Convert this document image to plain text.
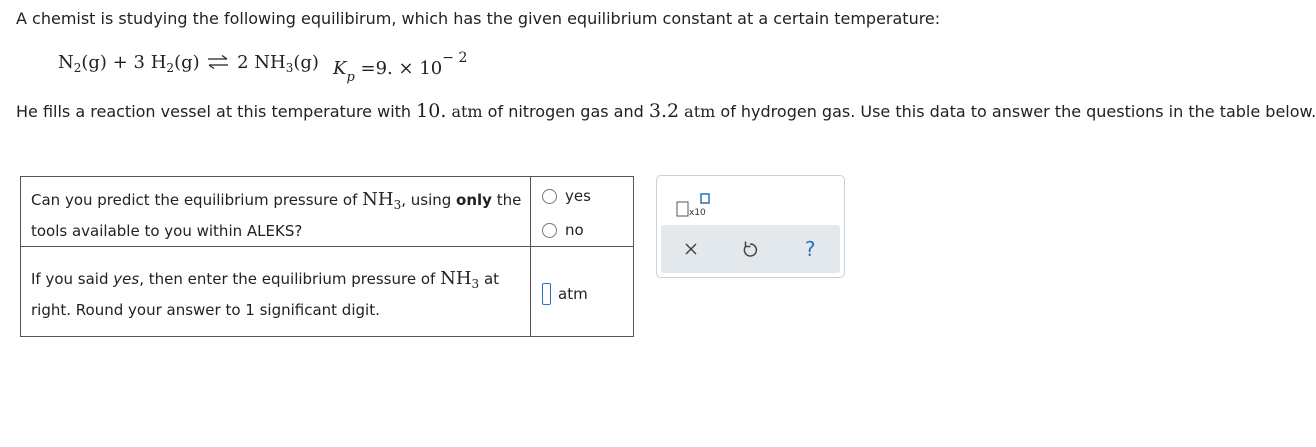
A chemist is studying the following equilibirum, which has the given equilibrium constant at a certain temperature:
$N_2(g) + 3$ $H_2(g)$ ⇌ 2 $NH_3(g)$ $K_p =9$. × $10^{- 2}$
He fills a reaction vessel at this temperature with 10. atm of nitrogen gas and 3.2 atm of hydrogen gas. Use this data to answer the questions in the table below.
Can you predict the equilibrium pressure of $NH_3$, using only the tools available to you within ALEKS?	yes
no

If you said yes, then enter the equilibrium pressure of $NH_3$ at right. Round your answer to 1 significant digit.	atm
x10
?
